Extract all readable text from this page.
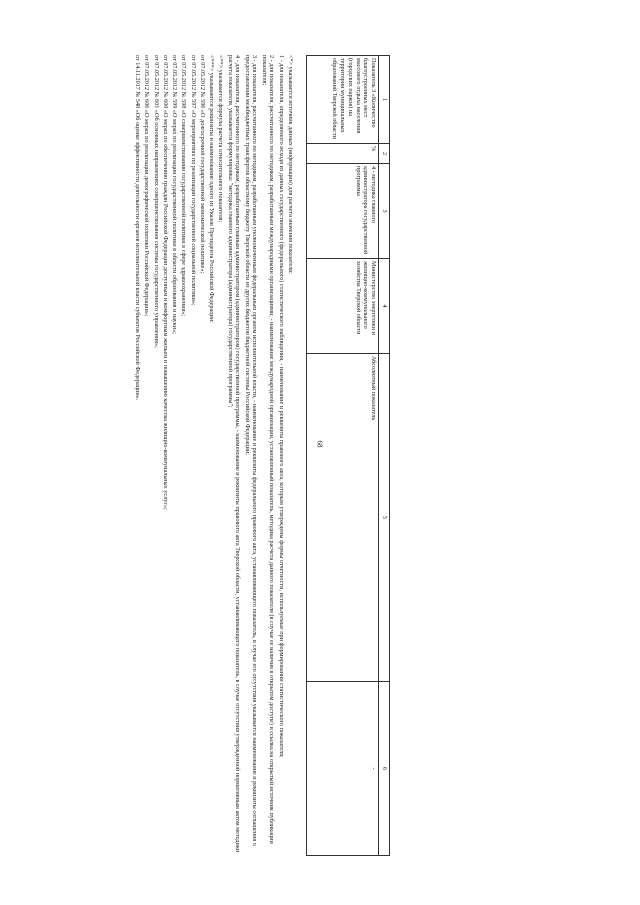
68
1	2	3	4	5	6
Показатель 3 «Количество благоустроенных мест массового отдыха населения (городских парков) на территории муниципальных образований Тверской области	%	4 - методика главного администратора государственной программы	Министерство энергетики и жилищно-коммунального хозяйства Тверской области	Абсолютный показатель	-

<*> указывается источник данных (информации) для расчета значения показателя:

1 - для показателя, определяемого исходя из данных государственного (федерального) статистического наблюдения, - наименование и реквизиты правового акта, которым утверждены формы отчетности, используемые при формировании статистического показателя;

2 - для показателя, рассчитанного по методикам, разработанным международными организациями, - наименование международной организации, установленный показатель, методика расчета данного показателя (в случае ее наличия в открытом доступе) и ссылка на открытый источник публикации показателя;

3 - для показателя, рассчитанного по методикам, разработанным уполномоченным федеральным органом исполнительной власти, - наименование и реквизиты федерального правового акта, устанавливающего показатель, в случае его отсутствия указывается наименование и реквизиты соглашения о предоставлении межбюджетных трансфертов областному бюджету Тверской области из других бюджетов бюджетной системы Российской Федерации;

4 - для показателя, рассчитанного по методикам, разработанным главным администратором (администратором) государственной программы, - наименование и реквизиты правового акта Тверской области, устанавливающего показатель, в случае отсутствия утвержденной нормативным актом методики расчета показателя, указывается формулировка: "методика главного администратора (администратора) государственной программы";

<**> указывается формула расчета относительного показателя;

<***> указываются реквизиты и наименование одного из Указов Президента Российской Федерации:

от 07.05.2012 № 596 «О долгосрочной государственной экономической политике»;

от 07.05.2012 № 597 «О мероприятиях по реализации государственной социальной политики»;

от 07.05.2012 № 598 «О совершенствовании государственной политики в сфере здравоохранения»;

от 07.05.2012 № 599 «О мерах по реализации государственной политики в области образования и науки»;

от 07.05.2012 № 600 «О мерах по обеспечению граждан Российской Федерации доступным и комфортным жильем и повышению качества жилищно-коммунальных услуг»;

от 07.05.2012 № 601 «Об основных направлениях совершенствования системы государственного управления»;

от 07.05.2012 № 606 «О мерах по реализации демографической политики Российской Федерации»;

от 14.11.2017 № 548 «Об оценке эффективности деятельности органов исполнительной власти субъектов Российской Федерации».
